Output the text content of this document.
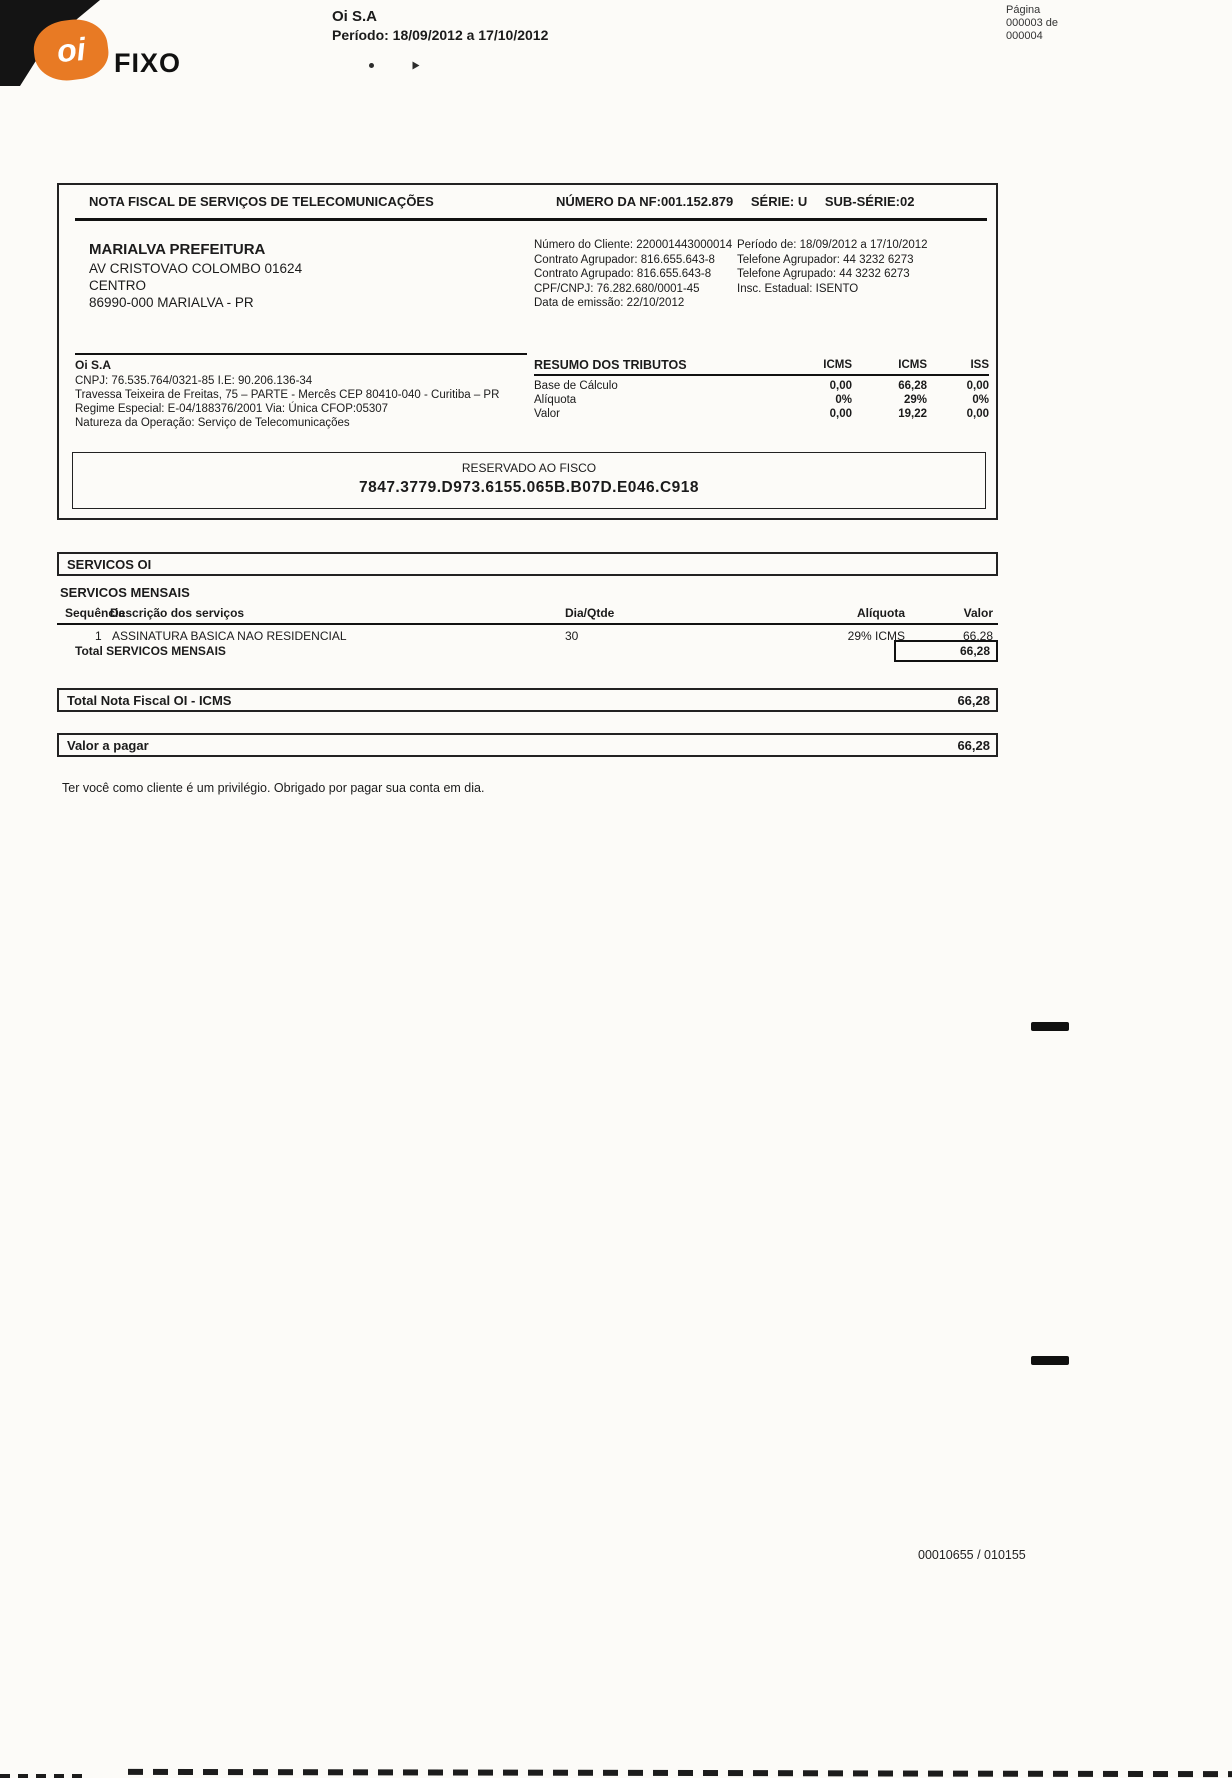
oi FIXO
Oi S.A
Período: 18/09/2012 a 17/10/2012
Página
000003 de
000004
NOTA FISCAL DE SERVIÇOS DE TELECOMUNICAÇÕES	NÚMERO DA NF:001.152.879 SÉRIE: U SUB-SÉRIE:02
MARIALVA PREFEITURA
AV CRISTOVAO COLOMBO 01624
CENTRO
86990-000 MARIALVA - PR
Número do Cliente: 220001443000014
Contrato Agrupador: 816.655.643-8
Contrato Agrupado: 816.655.643-8
CPF/CNPJ: 76.282.680/0001-45
Data de emissão: 22/10/2012
Período de: 18/09/2012 a 17/10/2012
Telefone Agrupador: 44 3232 6273
Telefone Agrupado: 44 3232 6273
Insc. Estadual: ISENTO
Oi S.A
CNPJ: 76.535.764/0321-85 I.E: 90.206.136-34
Travessa Teixeira de Freitas, 75 – PARTE - Mercês CEP 80410-040 - Curitiba – PR
Regime Especial: E-04/188376/2001 Via: Única CFOP:05307
Natureza da Operação: Serviço de Telecomunicações
RESUMO DOS TRIBUTOS	ICMS	ICMS	ISS
Base de Cálculo	0,00	66,28	0,00
Alíquota	0%	29%	0%
Valor	0,00	19,22	0,00
RESERVADO AO FISCO
7847.3779.D973.6155.065B.B07D.E046.C918
SERVICOS OI
SERVICOS MENSAIS
Sequência
Descrição dos serviços	Dia/Qtde	Alíquota	Valor
1 ASSINATURA BASICA NAO RESIDENCIAL	30	29% ICMS	66,28
Total SERVICOS MENSAIS	66,28
Total Nota Fiscal OI - ICMS	66,28
Valor a pagar	66,28
Ter você como cliente é um privilégio. Obrigado por pagar sua conta em dia.
00010655 / 010155
